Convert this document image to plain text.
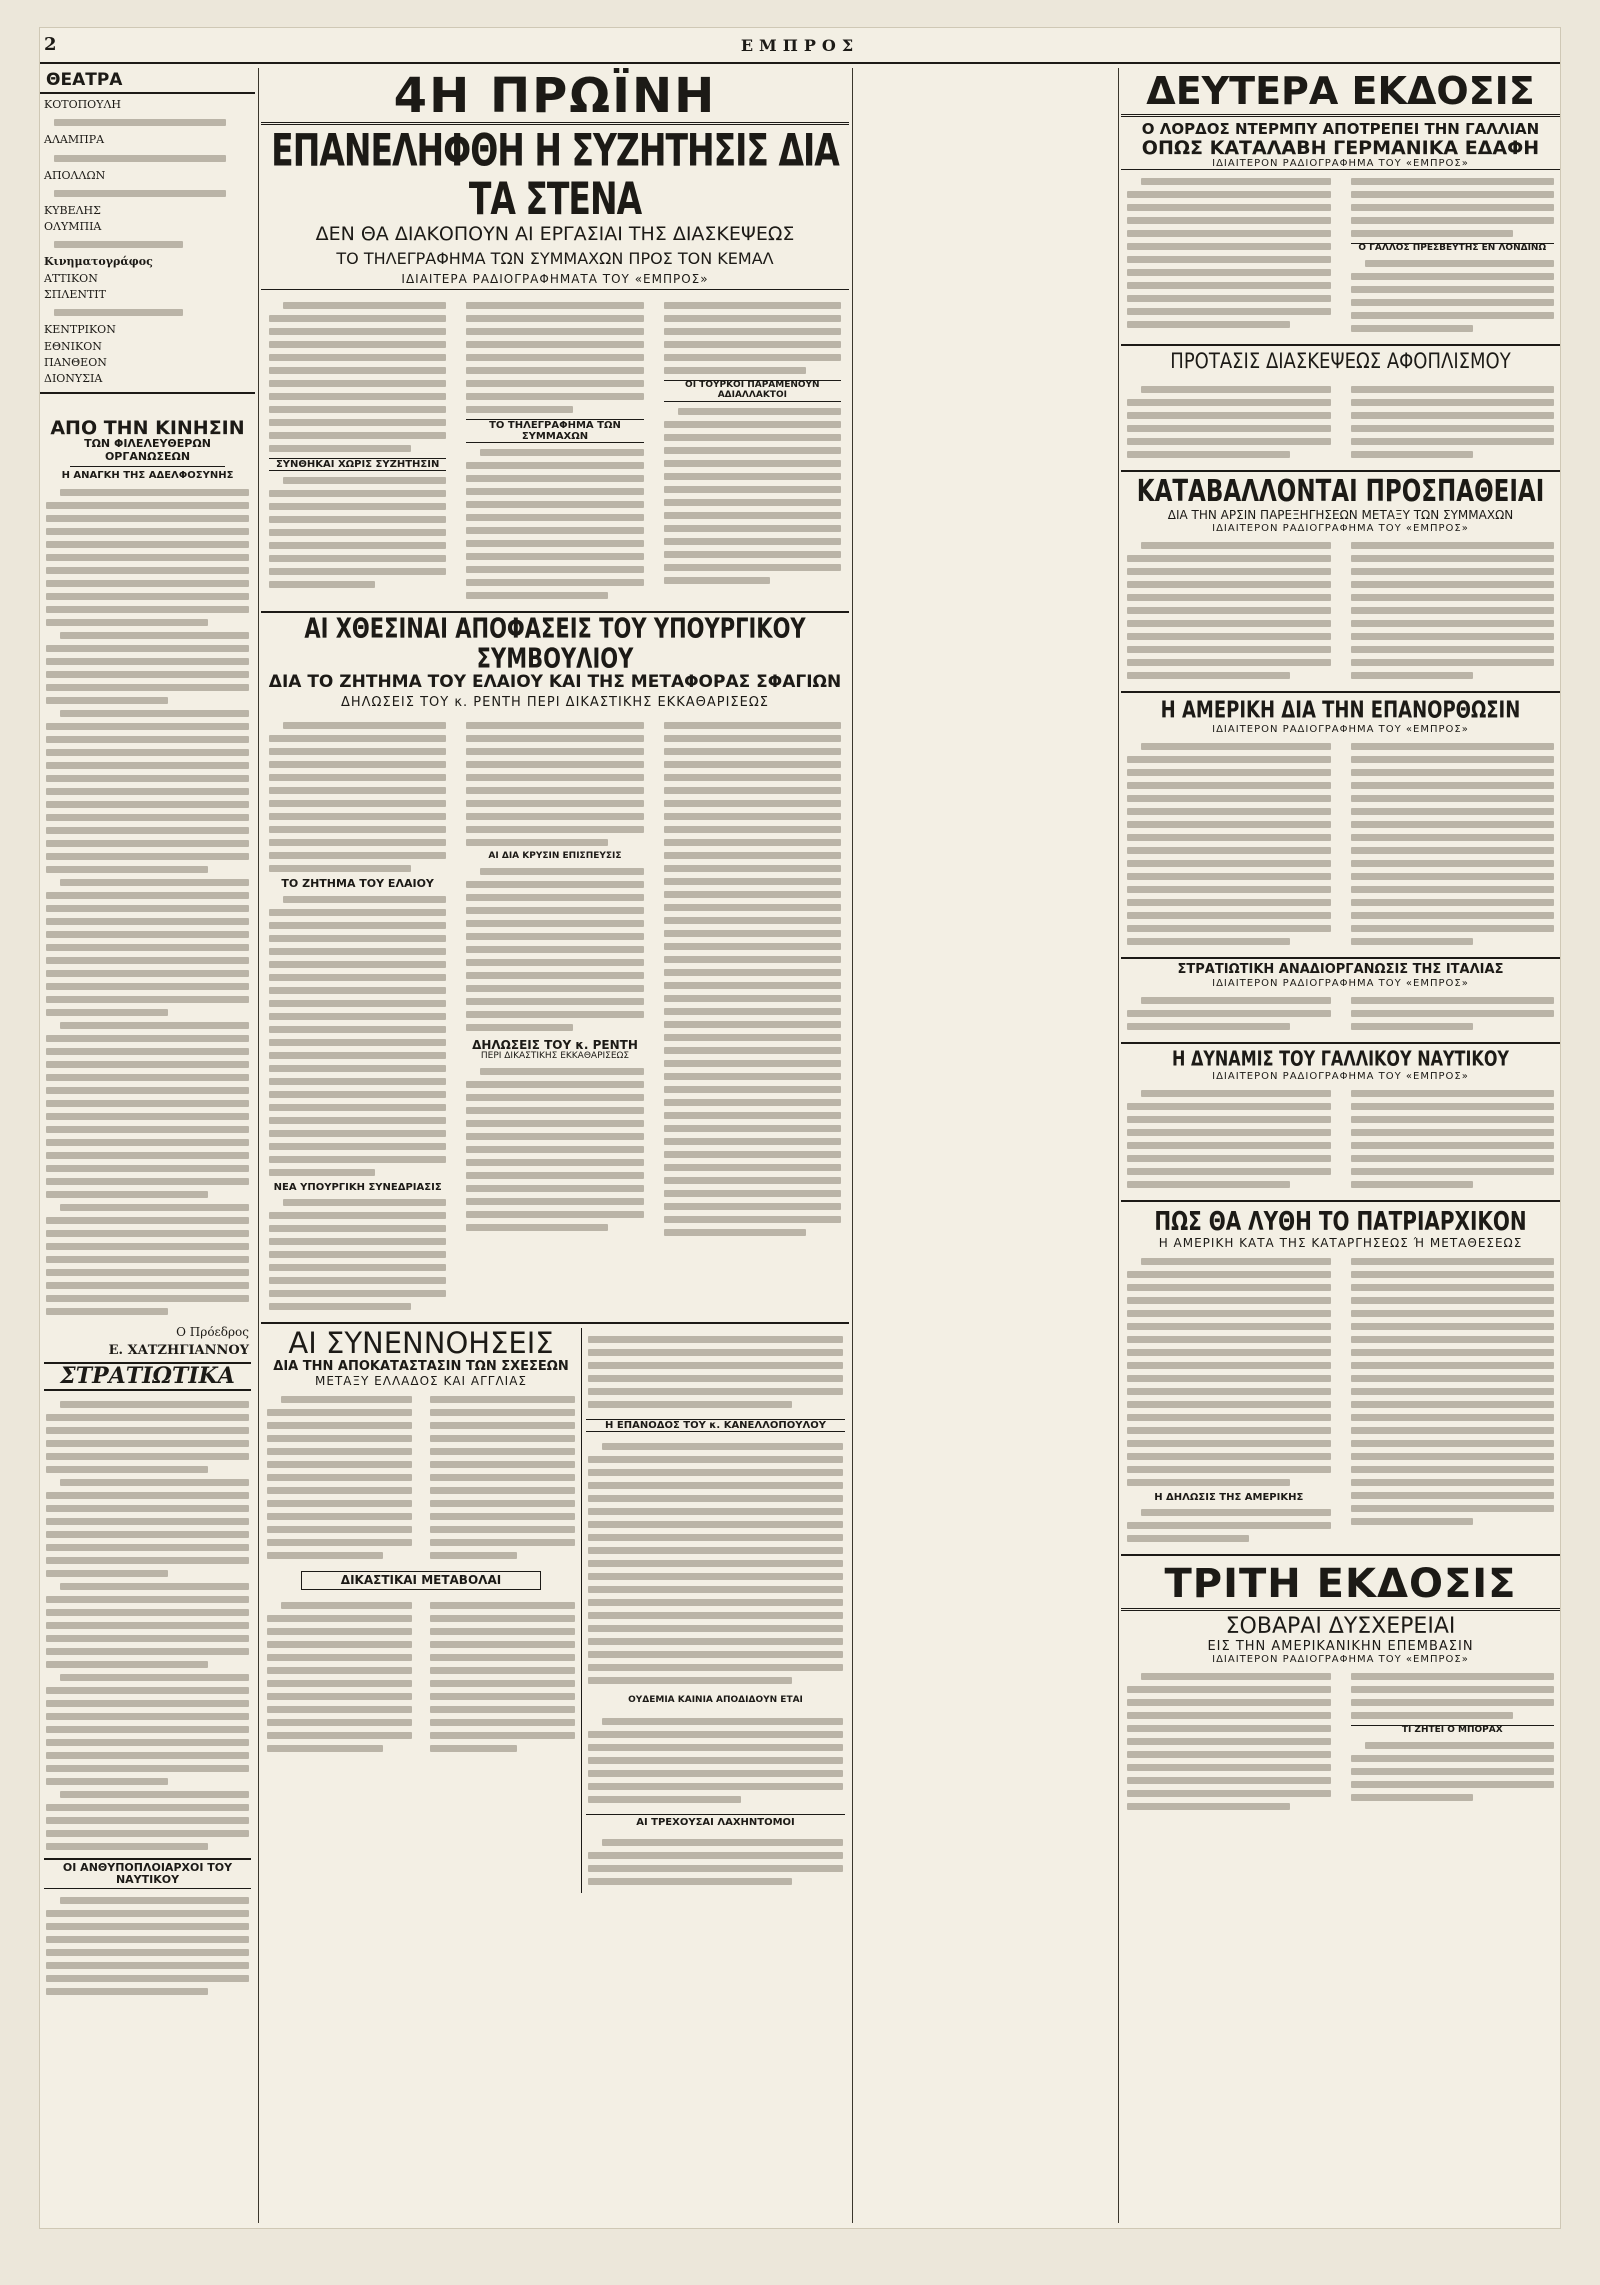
2	ΕΜΠΡΟΣ
ΘΕΑΤΡΑ
ΚΟΤΟΠΟΥΛΗ
ΑΛΑΜΠΡΑ
ΑΠΟΛΛΩΝ
ΚΥΒΕΛΗΣ
ΟΛΥΜΠΙΑ
Κινηματογράφος
ΑΤΤΙΚΟΝ
ΣΠΛΕΝΤΙΤ
ΚΕΝΤΡΙΚΟΝ
ΕΘΝΙΚΟΝ
ΠΑΝΘΕΟΝ
ΔΙΟΝΥΣΙΑ
ΑΠΟ ΤΗΝ ΚΙΝΗΣΙΝ
ΤΩΝ ΦΙΛΕΛΕΥΘΕΡΩΝ ΟΡΓΑΝΩΣΕΩΝ
Η ΑΝΑΓΚΗ ΤΗΣ ΑΔΕΛΦΟΣΥΝΗΣ
Ο Πρόεδρος
Ε. ΧΑΤΖΗΓΙΑΝΝΟΥ
ΣΤΡΑΤΙΩΤΙΚΑ
ΟΙ ΑΝΘΥΠΟΠΛΟΙΑΡΧΟΙ ΤΟΥ ΝΑΥΤΙΚΟΥ
4Η ΠΡΩΪΝΗ
ΕΠΑΝΕΛΗΦΘΗ Η ΣΥΖΗΤΗΣΙΣ ΔΙΑ ΤΑ ΣΤΕΝΑ
ΔΕΝ ΘΑ ΔΙΑΚΟΠΟΥΝ ΑΙ ΕΡΓΑΣΙΑΙ ΤΗΣ ΔΙΑΣΚΕΨΕΩΣ
ΤΟ ΤΗΛΕΓΡΑΦΗΜΑ ΤΩΝ ΣΥΜΜΑΧΩΝ ΠΡΟΣ ΤΟΝ ΚΕΜΑΛ
ΙΔΙΑΙΤΕΡΑ ΡΑΔΙΟΓΡΑΦΗΜΑΤΑ ΤΟΥ «ΕΜΠΡΟΣ»
ΣΥΝΘΗΚΑΙ ΧΩΡΙΣ ΣΥΖΗΤΗΣΙΝ
ΤΟ ΤΗΛΕΓΡΑΦΗΜΑ ΤΩΝ ΣΥΜΜΑΧΩΝ
ΟΙ ΤΟΥΡΚΟΙ ΠΑΡΑΜΕΝΟΥΝ ΑΔΙΑΛΛΑΚΤΟΙ
ΑΙ ΧΘΕΣΙΝΑΙ ΑΠΟΦΑΣΕΙΣ ΤΟΥ ΥΠΟΥΡΓΙΚΟΥ ΣΥΜΒΟΥΛΙΟΥ
ΔΙΑ ΤΟ ΖΗΤΗΜΑ ΤΟΥ ΕΛΑΙΟΥ ΚΑΙ ΤΗΣ ΜΕΤΑΦΟΡΑΣ ΣΦΑΓΙΩΝ
ΔΗΛΩΣΕΙΣ ΤΟΥ κ. ΡΕΝΤΗ ΠΕΡΙ ΔΙΚΑΣΤΙΚΗΣ ΕΚΚΑΘΑΡΙΣΕΩΣ
ΤΟ ΖΗΤΗΜΑ ΤΟΥ ΕΛΑΙΟΥ
ΝΕΑ ΥΠΟΥΡΓΙΚΗ ΣΥΝΕΔΡΙΑΣΙΣ
ΑΙ ΔΙΑ ΚΡΥΣΙΝ ΕΠΙΣΠΕΥΣΙΣ
ΔΗΛΩΣΕΙΣ ΤΟΥ κ. ΡΕΝΤΗ
ΠΕΡΙ ΔΙΚΑΣΤΙΚΗΣ ΕΚΚΑΘΑΡΙΣΕΩΣ
ΑΙ ΣΥΝΕΝΝΟΗΣΕΙΣ
ΔΙΑ ΤΗΝ ΑΠΟΚΑΤΑΣΤΑΣΙΝ ΤΩΝ ΣΧΕΣΕΩΝ
ΜΕΤΑΞΥ ΕΛΛΑΔΟΣ ΚΑΙ ΑΓΓΛΙΑΣ
ΔΙΚΑΣΤΙΚΑΙ ΜΕΤΑΒΟΛΑΙ
Η ΕΠΑΝΟΔΟΣ ΤΟΥ κ. ΚΑΝΕΛΛΟΠΟΥΛΟΥ
ΟΥΔΕΜΙΑ ΚΑΙΝΙΑ ΑΠΟΔΙΔΟΥΝ ΕΤΑΙ
ΑΙ ΤΡΕΧΟΥΣΑΙ ΛΑΧΗΝΤΟΜΟΙ
ΔΕΥΤΕΡΑ ΕΚΔΟΣΙΣ
Ο ΛΟΡΔΟΣ ΝΤΕΡΜΠΥ ΑΠΟΤΡΕΠΕΙ ΤΗΝ ΓΑΛΛΙΑΝ
ΟΠΩΣ ΚΑΤΑΛΑΒΗ ΓΕΡΜΑΝΙΚΑ ΕΔΑΦΗ
ΙΔΙΑΙΤΕΡΟΝ ΡΑΔΙΟΓΡΑΦΗΜΑ ΤΟΥ «ΕΜΠΡΟΣ»
Ο ΓΑΛΛΟΣ ΠΡΕΣΒΕΥΤΗΣ ΕΝ ΛΟΝΔΙΝΩ
ΠΡΟΤΑΣΙΣ ΔΙΑΣΚΕΨΕΩΣ ΑΦΟΠΛΙΣΜΟΥ
ΚΑΤΑΒΑΛΛΟΝΤΑΙ ΠΡΟΣΠΑΘΕΙΑΙ
ΔΙΑ ΤΗΝ ΑΡΣΙΝ ΠΑΡΕΞΗΓΗΣΕΩΝ ΜΕΤΑΞΥ ΤΩΝ ΣΥΜΜΑΧΩΝ
ΙΔΙΑΙΤΕΡΟΝ ΡΑΔΙΟΓΡΑΦΗΜΑ ΤΟΥ «ΕΜΠΡΟΣ»
Η ΑΜΕΡΙΚΗ ΔΙΑ ΤΗΝ ΕΠΑΝΟΡΘΩΣΙΝ
ΙΔΙΑΙΤΕΡΟΝ ΡΑΔΙΟΓΡΑΦΗΜΑ ΤΟΥ «ΕΜΠΡΟΣ»
ΣΤΡΑΤΙΩΤΙΚΗ ΑΝΑΔΙΟΡΓΑΝΩΣΙΣ ΤΗΣ ΙΤΑΛΙΑΣ
ΙΔΙΑΙΤΕΡΟΝ ΡΑΔΙΟΓΡΑΦΗΜΑ ΤΟΥ «ΕΜΠΡΟΣ»
Η ΔΥΝΑΜΙΣ ΤΟΥ ΓΑΛΛΙΚΟΥ ΝΑΥΤΙΚΟΥ
ΙΔΙΑΙΤΕΡΟΝ ΡΑΔΙΟΓΡΑΦΗΜΑ ΤΟΥ «ΕΜΠΡΟΣ»
ΠΩΣ ΘΑ ΛΥΘΗ ΤΟ ΠΑΤΡΙΑΡΧΙΚΟΝ
Η ΑΜΕΡΙΚΗ ΚΑΤΑ ΤΗΣ ΚΑΤΑΡΓΗΣΕΩΣ Ή ΜΕΤΑΘΕΣΕΩΣ
Η ΔΗΛΩΣΙΣ ΤΗΣ ΑΜΕΡΙΚΗΣ
ΤΡΙΤΗ ΕΚΔΟΣΙΣ
ΣΟΒΑΡΑΙ ΔΥΣΧΕΡΕΙΑΙ
ΕΙΣ ΤΗΝ ΑΜΕΡΙΚΑΝΙΚΗΝ ΕΠΕΜΒΑΣΙΝ
ΙΔΙΑΙΤΕΡΟΝ ΡΑΔΙΟΓΡΑΦΗΜΑ ΤΟΥ «ΕΜΠΡΟΣ»
ΤΙ ΖΗΤΕΙ Ο ΜΠΟΡΑΧ
